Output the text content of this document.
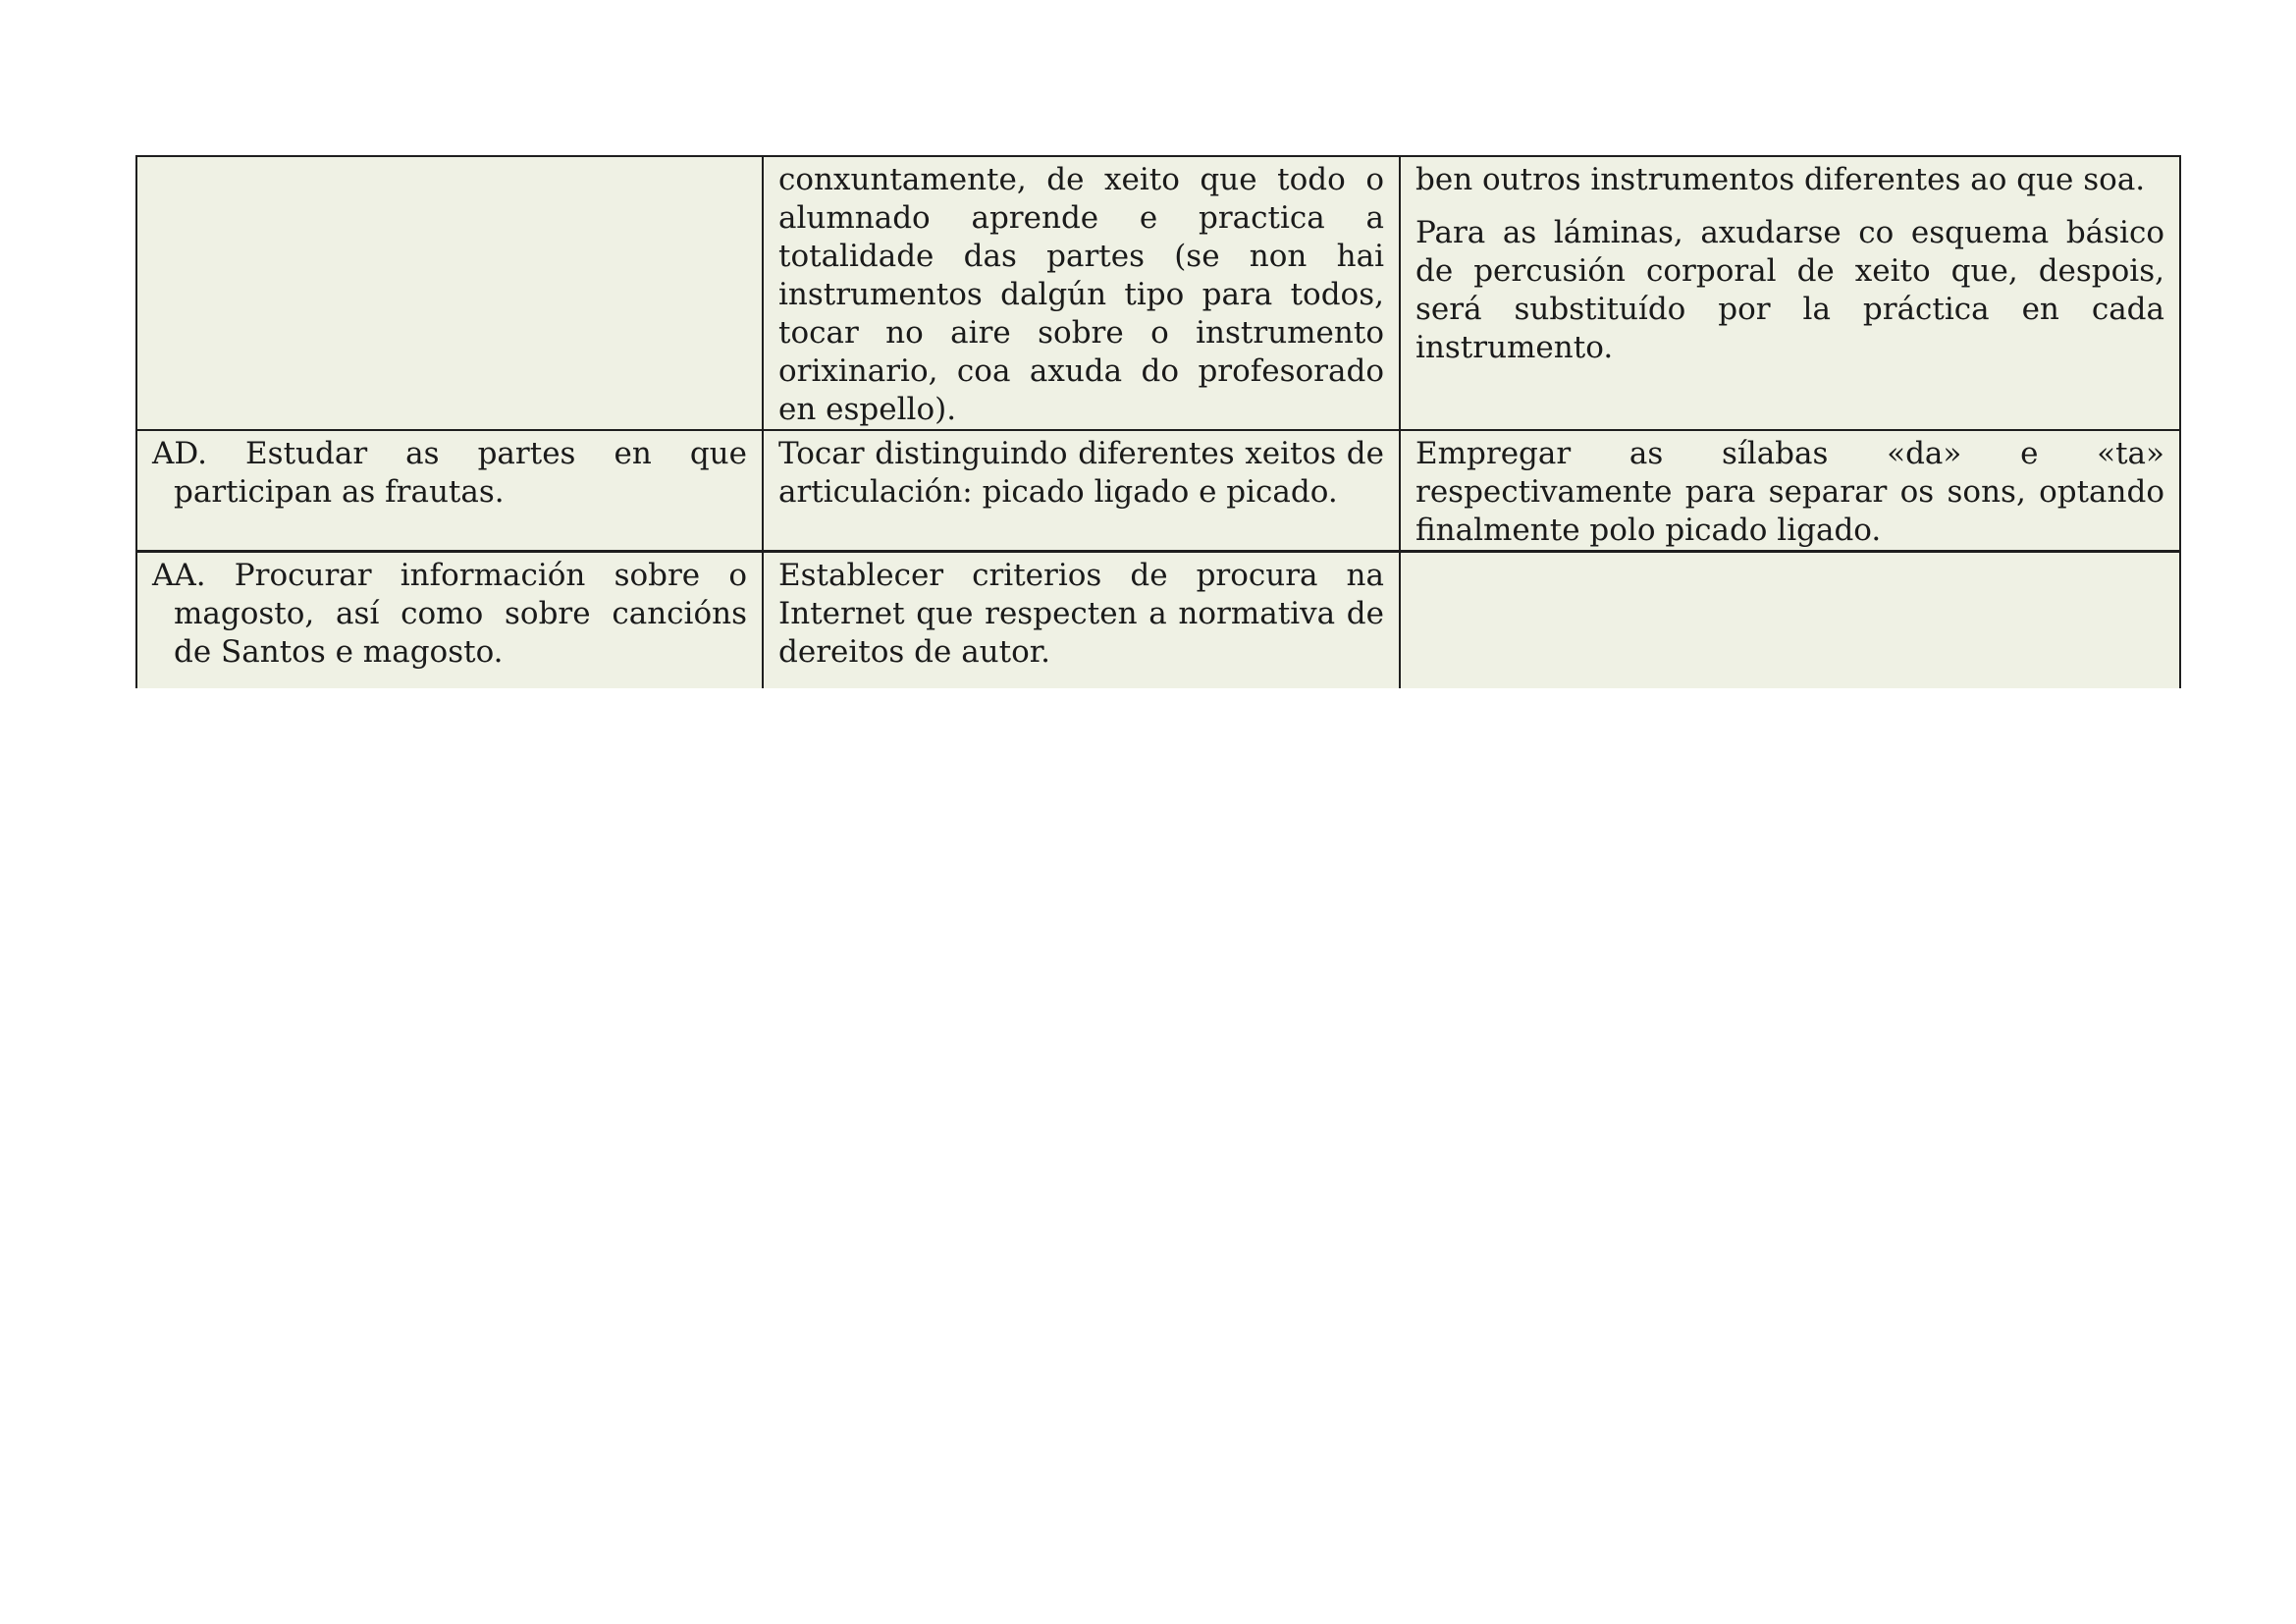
	conxuntamente, de xeito que todo o alumnado aprende e practica a totalidade das partes (se non hai instrumentos dalgún tipo para todos, tocar no aire sobre o instrumento orixinario, coa axuda do profesorado en espello).	ben outros instrumentos diferentes ao que soa.

Para as láminas, axudarse co esquema básico de percusión corporal de xeito que, despois, será substituído por la práctica en cada instrumento.

AD. Estudar as partes en que participan as frautas.	Tocar distinguindo diferentes xeitos de articulación: picado ligado e picado.	Empregar as sílabas «da» e «ta» respectivamente para separar os sons, optando finalmente polo picado ligado.

AA. Procurar información sobre o magosto, así como sobre cancións de Santos e magosto.	Establecer criterios de procura na Internet que respecten a normativa de dereitos de autor.	
